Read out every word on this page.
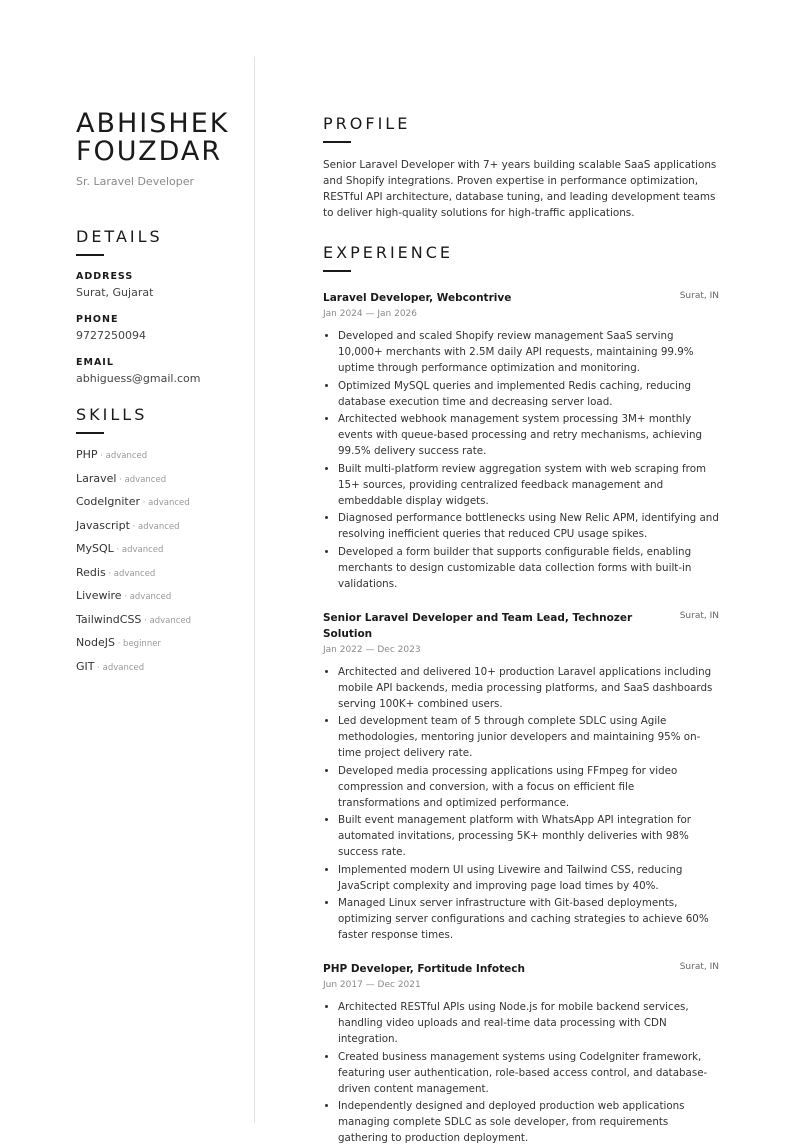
ABHISHEK
FOUZDAR
Sr. Laravel Developer
DETAILS
ADDRESS
Surat, Gujarat
PHONE
9727250094
EMAIL
abhiguess@gmail.com
SKILLS
PHP · advanced
Laravel · advanced
CodeIgniter · advanced
Javascript · advanced
MySQL · advanced
Redis · advanced
Livewire · advanced
TailwindCSS · advanced
NodeJS · beginner
GIT · advanced
PROFILE
Senior Laravel Developer with 7+ years building scalable SaaS applications and Shopify integrations. Proven expertise in performance optimization, RESTful API architecture, database tuning, and leading development teams to deliver high-quality solutions for high-traffic applications.
EXPERIENCE
Laravel Developer, Webcontrive	Surat, IN
Jan 2024 — Jan 2026
• Developed and scaled Shopify review management SaaS serving 10,000+ merchants with 2.5M daily API requests, maintaining 99.9% uptime through performance optimization and monitoring.
• Optimized MySQL queries and implemented Redis caching, reducing database execution time and decreasing server load.
• Architected webhook management system processing 3M+ monthly events with queue-based processing and retry mechanisms, achieving 99.5% delivery success rate.
• Built multi-platform review aggregation system with web scraping from 15+ sources, providing centralized feedback management and embeddable display widgets.
• Diagnosed performance bottlenecks using New Relic APM, identifying and resolving inefficient queries that reduced CPU usage spikes.
• Developed a form builder that supports configurable fields, enabling merchants to design customizable data collection forms with built-in validations.
Senior Laravel Developer and Team Lead, Technozer Solution
Surat, IN
Jan 2022 — Dec 2023
• Architected and delivered 10+ production Laravel applications including mobile API backends, media processing platforms, and SaaS dashboards serving 100K+ combined users.
• Led development team of 5 through complete SDLC using Agile methodologies, mentoring junior developers and maintaining 95% on-time project delivery rate.
• Developed media processing applications using FFmpeg for video compression and conversion, with a focus on efficient file transformations and optimized performance.
• Built event management platform with WhatsApp API integration for automated invitations, processing 5K+ monthly deliveries with 98% success rate.
• Implemented modern UI using Livewire and Tailwind CSS, reducing JavaScript complexity and improving page load times by 40%.
• Managed Linux server infrastructure with Git-based deployments, optimizing server configurations and caching strategies to achieve 60% faster response times.
PHP Developer, Fortitude Infotech	Surat, IN
Jun 2017 — Dec 2021
• Architected RESTful APIs using Node.js for mobile backend services, handling video uploads and real-time data processing with CDN integration.
• Created business management systems using CodeIgniter framework, featuring user authentication, role-based access control, and database-driven content management.
• Independently designed and deployed production web applications managing complete SDLC as sole developer, from requirements gathering to production deployment.
